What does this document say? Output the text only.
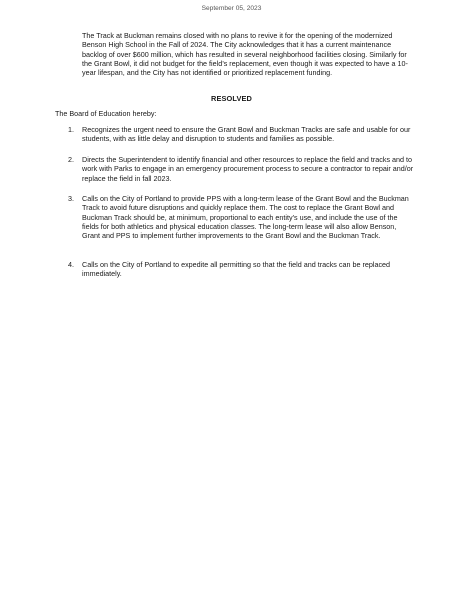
September 05, 2023
The Track at Buckman remains closed with no plans to revive it for the opening of the modernized Benson High School in the Fall of 2024. The City acknowledges that it has a current maintenance backlog of over $600 million, which has resulted in several neighborhood facilities closing. Similarly for the Grant Bowl, it did not budget for the field’s replacement, even though it was expected to have a 10-year lifespan, and the City has not identified or prioritized replacement funding.
RESOLVED
The Board of Education hereby:
1. Recognizes the urgent need to ensure the Grant Bowl and Buckman Tracks are safe and usable for our students, with as little delay and disruption to students and families as possible.
2. Directs the Superintendent to identify financial and other resources to replace the field and tracks and to work with Parks to engage in an emergency procurement process to secure a contractor to repair and/or replace the field in fall 2023.
3. Calls on the City of Portland to provide PPS with a long-term lease of the Grant Bowl and the Buckman Track to avoid future disruptions and quickly replace them. The cost to replace the Grant Bowl and Buckman Track should be, at minimum, proportional to each entity’s use, and include the use of the fields for both athletics and physical education classes. The long-term lease will also allow Benson, Grant and PPS to implement further improvements to the Grant Bowl and the Buckman Track.
4. Calls on the City of Portland to expedite all permitting so that the field and tracks can be replaced immediately.
